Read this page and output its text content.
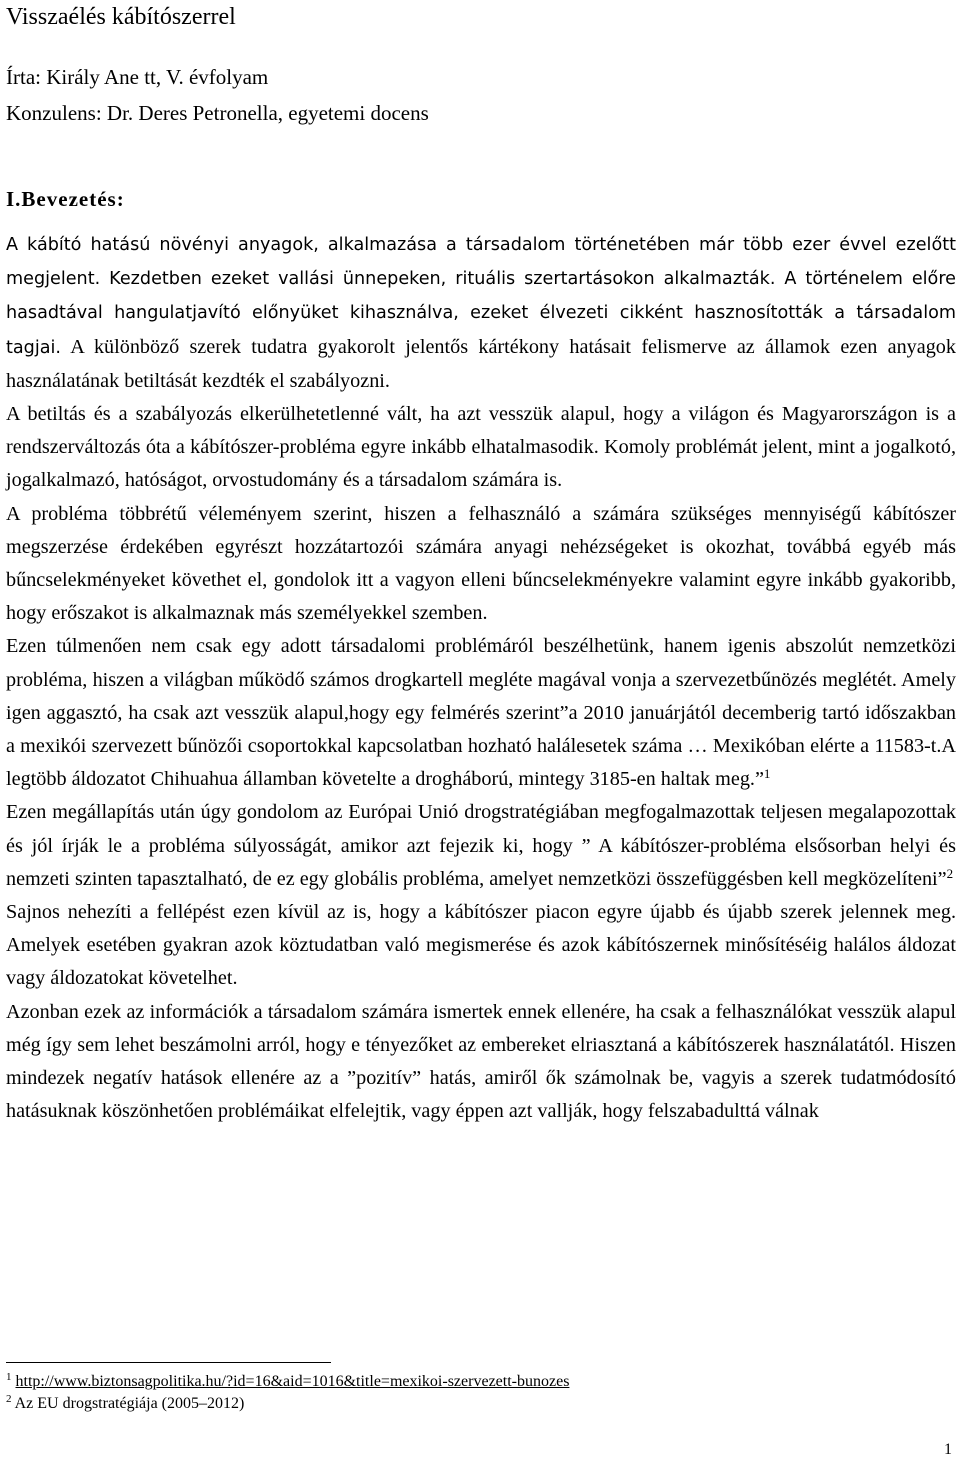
Visszaélés kábítószerrel
Írta: Király Ane tt, V. évfolyam
Konzulens: Dr. Deres Petronella, egyetemi docens
I.Bevezetés:

A kábító hatású növényi anyagok, alkalmazása a társadalom történetében már több ezer évvel ezelőtt megjelent. Kezdetben ezeket vallási ünnepeken, rituális szertartásokon alkalmazták. A történelem előre hasadtával hangulatjavító előnyüket kihasználva, ezeket élvezeti cikként hasznosították a társadalom tagjai. A különböző szerek tudatra gyakorolt jelentős kártékony hatásait felismerve az államok ezen anyagok használatának betiltását kezdték el szabályozni.

A betiltás és a szabályozás elkerülhetetlenné vált, ha azt vesszük alapul, hogy a világon és Magyarországon is a rendszerváltozás óta a kábítószer-probléma egyre inkább elhatalmasodik. Komoly problémát jelent, mint a jogalkotó, jogalkalmazó, hatóságot, orvostudomány és a társadalom számára is.

A probléma többrétű véleményem szerint, hiszen a felhasználó a számára szükséges mennyiségű kábítószer megszerzése érdekében egyrészt hozzátartozói számára anyagi nehézségeket is okozhat, továbbá egyéb más bűncselekményeket követhet el, gondolok itt a vagyon elleni bűncselekményekre valamint egyre inkább gyakoribb, hogy erőszakot is alkalmaznak más személyekkel szemben.

Ezen túlmenően nem csak egy adott társadalomi problémáról beszélhetünk, hanem igenis abszolút nemzetközi probléma, hiszen a világban működő számos drogkartell megléte magával vonja a szervezetbűnözés meglétét. Amely igen aggasztó, ha csak azt vesszük alapul,hogy egy felmérés szerint”a 2010 januárjától decemberig tartó időszakban a mexikói szervezett bűnözői csoportokkal kapcsolatban hozható halálesetek száma … Mexikóban elérte a 11583-t.A legtöbb áldozatot Chihuahua államban követelte a drogháború, mintegy 3185-en haltak meg.”$^1$

Ezen megállapítás után úgy gondolom az Európai Unió drogstratégiában megfogalmazottak teljesen megalapozottak és jól írják le a probléma súlyosságát, amikor azt fejezik ki, hogy ” A kábítószer-probléma elsősorban helyi és nemzeti szinten tapasztalható, de ez egy globális probléma, amelyet nemzetközi összefüggésben kell megközelíteni”$^2$

Sajnos nehezíti a fellépést ezen kívül az is, hogy a kábítószer piacon egyre újabb és újabb szerek jelennek meg. Amelyek esetében gyakran azok köztudatban való megismerése és azok kábítószernek minősítéséig halálos áldozat vagy áldozatokat követelhet.

Azonban ezek az információk a társadalom számára ismertek ennek ellenére, ha csak a felhasználókat vesszük alapul még így sem lehet beszámolni arról, hogy e tényezőket az embereket elriasztaná a kábítószerek használatától. Hiszen mindezek negatív hatások ellenére az a ”pozitív” hatás, amiről ők számolnak be, vagyis a szerek tudatmódosító hatásuknak köszönhetően problémáikat elfelejtik, vagy éppen azt vallják, hogy felszabadulttá válnak

$^1$ http://www.biztonsagpolitika.hu/?id=16&aid=1016&title=mexikoi-szervezett-bunozes
$^2$ Az EU drogstratégiája (2005–2012)
1
